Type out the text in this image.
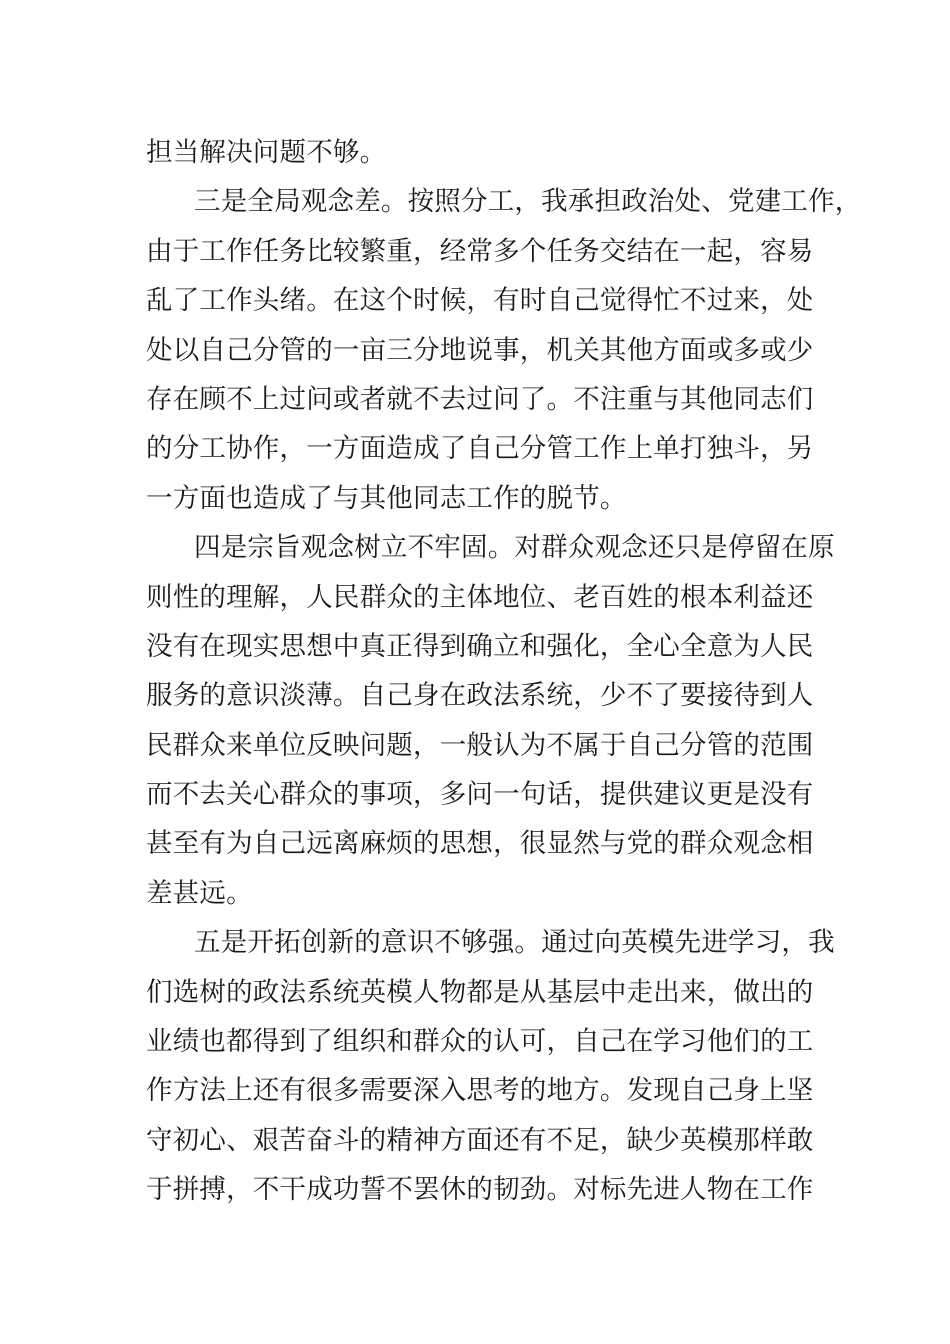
担当解决问题不够。
三是全局观念差。按照分工，我承担政治处、党建工作，
由于工作任务比较繁重，经常多个任务交结在一起，容易
乱了工作头绪。在这个时候，有时自己觉得忙不过来，处
处以自己分管的一亩三分地说事，机关其他方面或多或少
存在顾不上过问或者就不去过问了。不注重与其他同志们
的分工协作，一方面造成了自己分管工作上单打独斗，另
一方面也造成了与其他同志工作的脱节。
四是宗旨观念树立不牢固。对群众观念还只是停留在原
则性的理解，人民群众的主体地位、老百姓的根本利益还
没有在现实思想中真正得到确立和强化，全心全意为人民
服务的意识淡薄。自己身在政法系统，少不了要接待到人
民群众来单位反映问题，一般认为不属于自己分管的范围
而不去关心群众的事项，多问一句话，提供建议更是没有
甚至有为自己远离麻烦的思想，很显然与党的群众观念相
差甚远。
五是开拓创新的意识不够强。通过向英模先进学习，我
们选树的政法系统英模人物都是从基层中走出来，做出的
业绩也都得到了组织和群众的认可，自己在学习他们的工
作方法上还有很多需要深入思考的地方。发现自己身上坚
守初心、艰苦奋斗的精神方面还有不足，缺少英模那样敢
于拼搏，不干成功誓不罢休的韧劲。对标先进人物在工作
